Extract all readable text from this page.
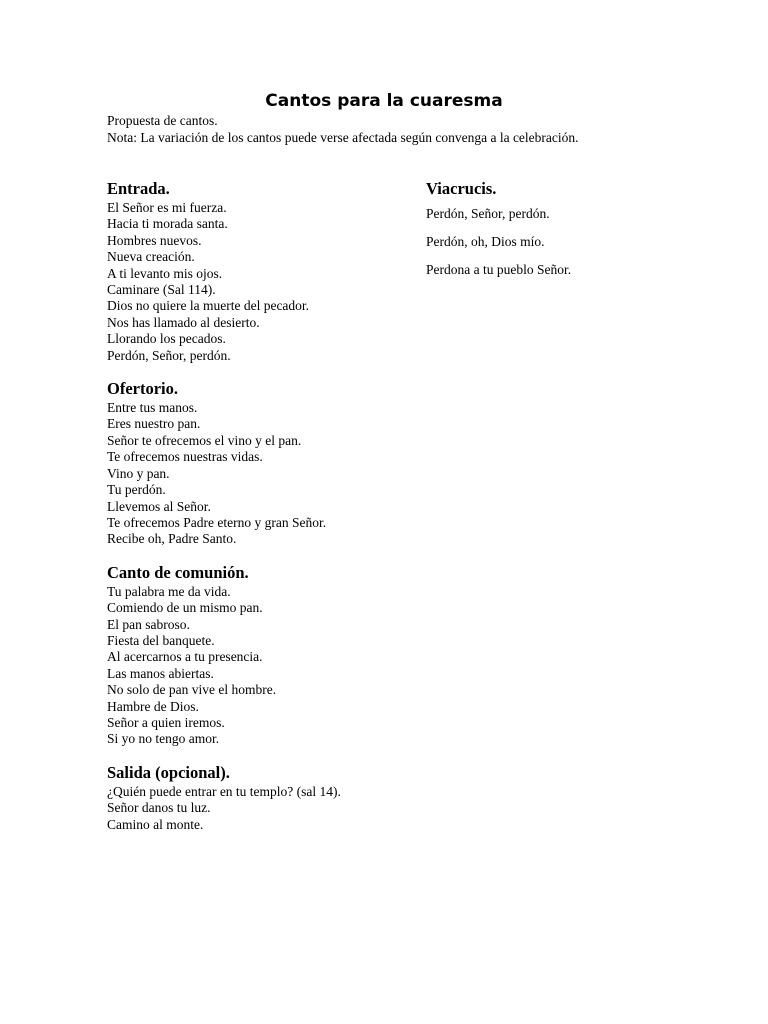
Cantos para la cuaresma
Propuesta de cantos.
Nota: La variación de los cantos puede verse afectada según convenga a la celebración.
Entrada.
El Señor es mi fuerza.
Hacia ti morada santa.
Hombres nuevos.
Nueva creación.
A ti levanto mis ojos.
Caminare (Sal 114).
Dios no quiere la muerte del pecador.
Nos has llamado al desierto.
Llorando los pecados.
Perdón, Señor, perdón.
Ofertorio.
Entre tus manos.
Eres nuestro pan.
Señor te ofrecemos el vino y el pan.
Te ofrecemos nuestras vidas.
Vino y pan.
Tu perdón.
Llevemos al Señor.
Te ofrecemos Padre eterno y gran Señor.
Recibe oh, Padre Santo.
Canto de comunión.
Tu palabra me da vida.
Comiendo de un mismo pan.
El pan sabroso.
Fiesta del banquete.
Al acercarnos a tu presencia.
Las manos abiertas.
No solo de pan vive el hombre.
Hambre de Dios.
Señor a quien iremos.
Si yo no tengo amor.
Salida (opcional).
¿Quién puede entrar en tu templo? (sal 14).
Señor danos tu luz.
Camino al monte.
Viacrucis.
Perdón, Señor, perdón.
Perdón, oh, Dios mío.
Perdona a tu pueblo Señor.
